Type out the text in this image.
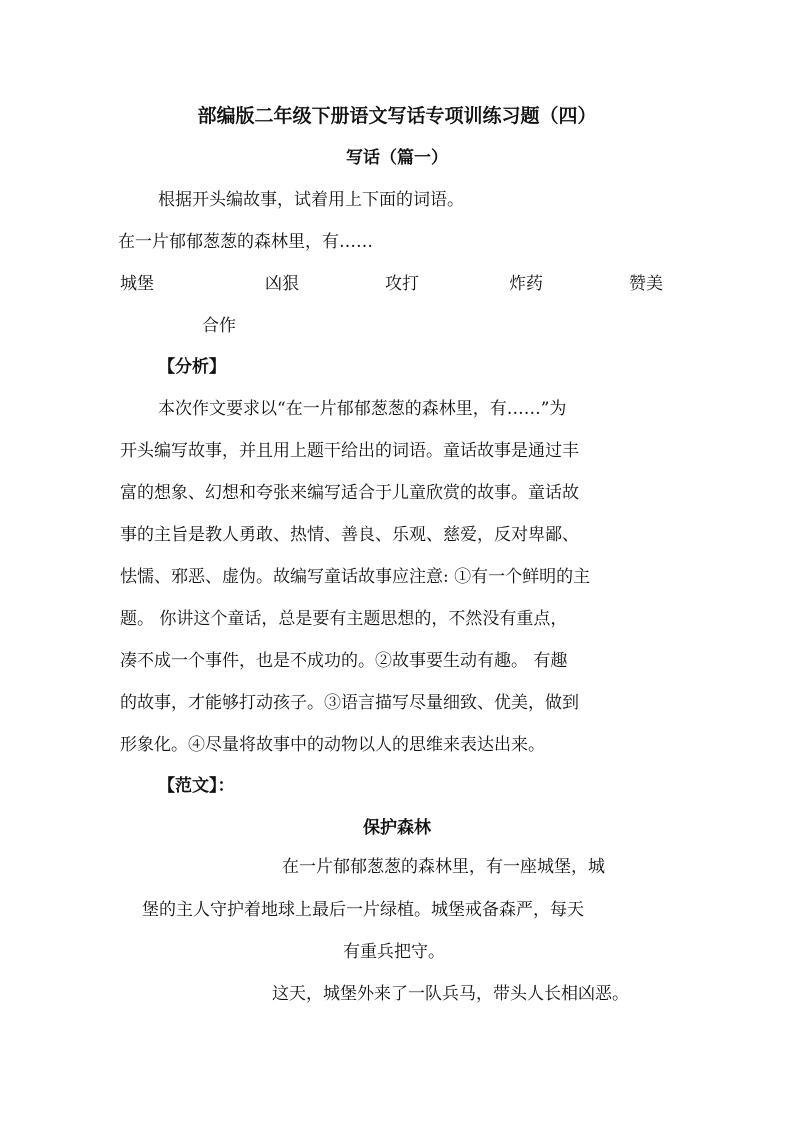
部编版二年级下册语文写话专项训练习题（四）
写话（篇一）
根据开头编故事，试着用上下面的词语。
在一片郁郁葱葱的森林里，有……
城堡	凶狠	攻打	炸药	赞美
合作
【分析】
本次作文要求以“在一片郁郁葱葱的森林里，有……”为
开头编写故事，并且用上题干给出的词语。童话故事是通过丰
富的想象、幻想和夸张来编写适合于儿童欣赏的故事。童话故
事的主旨是教人勇敢、热情、善良、乐观、慈爱，反对卑鄙、
怯懦、邪恶、虚伪。故编写童话故事应注意: ①有一个鲜明的主
题。 你讲这个童话，总是要有主题思想的，不然没有重点，
凑不成一个事件，也是不成功的。②故事要生动有趣。 有趣
的故事，才能够打动孩子。③语言描写尽量细致、优美，做到
形象化。④尽量将故事中的动物以人的思维来表达出来。
【范文】：
保护森林
在一片郁郁葱葱的森林里，有一座城堡，城
堡的主人守护着地球上最后一片绿植。城堡戒备森严，每天
有重兵把守。
这天，城堡外来了一队兵马，带头人长相凶恶。
